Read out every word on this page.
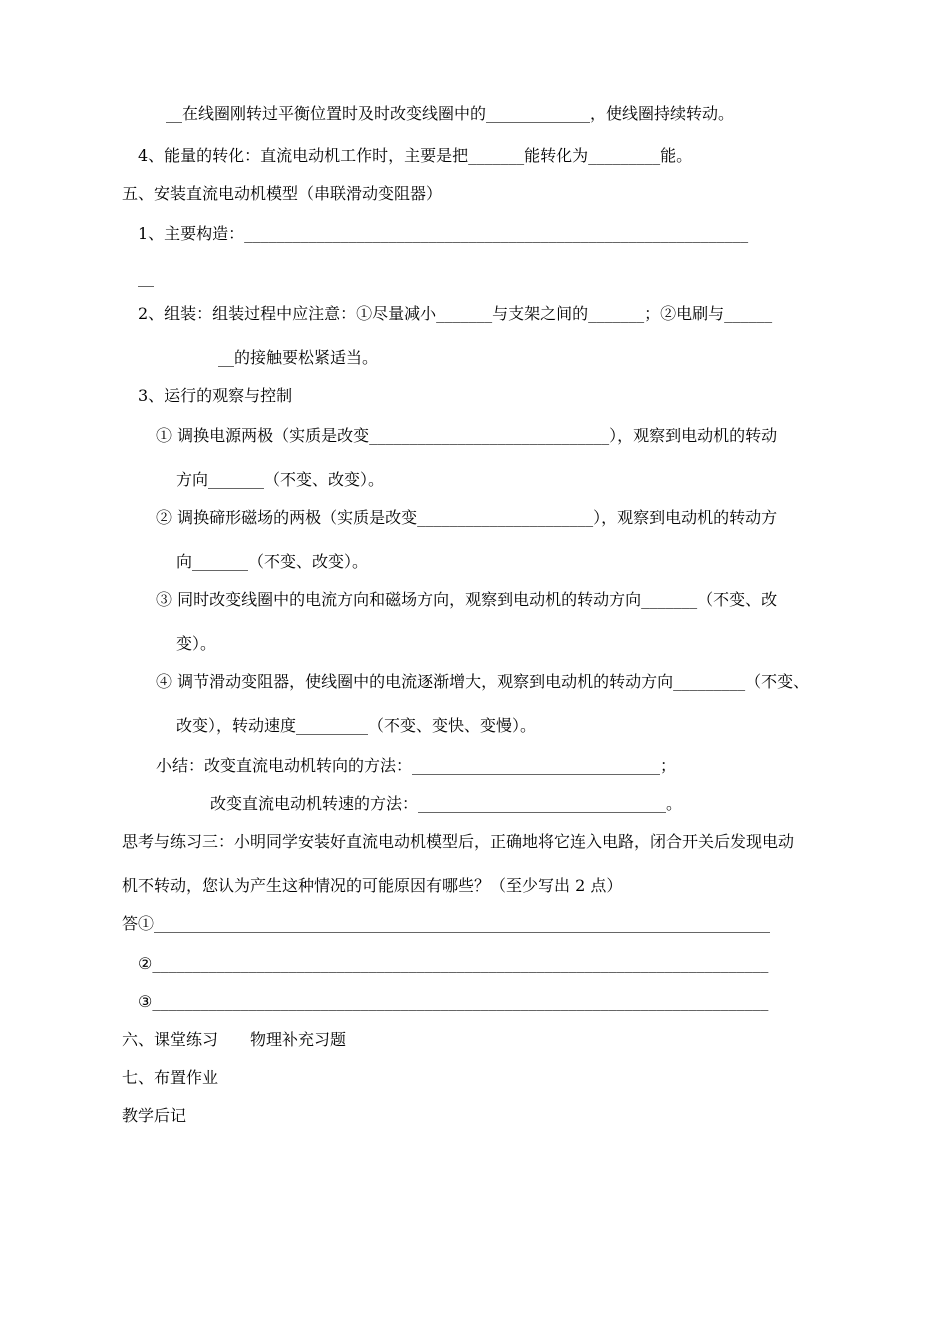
__在线圈刚转过平衡位置时及时改变线圈中的_____________，使线圈持续转动。
4、能量的转化：直流电动机工作时，主要是把_______能转化为_________能。
五、安装直流电动机模型（串联滑动变阻器）
1、主要构造：_______________________________________________________________
__
2、组装：组装过程中应注意：①尽量减小_______与支架之间的_______；②电刷与______
__的接触要松紧适当。
3、运行的观察与控制
① 调换电源两极（实质是改变______________________________），观察到电动机的转动
方向_______（不变、改变）。
② 调换碲形磁场的两极（实质是改变______________________），观察到电动机的转动方
向_______（不变、改变）。
③ 同时改变线圈中的电流方向和磁场方向，观察到电动机的转动方向_______（不变、改
变）。
④ 调节滑动变阻器，使线圈中的电流逐渐增大，观察到电动机的转动方向_________（不变、
改变），转动速度_________（不变、变快、变慢）。
小结：改变直流电动机转向的方法：_______________________________；
改变直流电动机转速的方法：_______________________________。
思考与练习三：小明同学安装好直流电动机模型后，正确地将它连入电路，闭合开关后发现电动
机不转动，您认为产生这种情况的可能原因有哪些？（至少写出 2 点）
答①_____________________________________________________________________________
②_____________________________________________________________________________
③_____________________________________________________________________________
六、课堂练习　　物理补充习题
七、布置作业
教学后记
